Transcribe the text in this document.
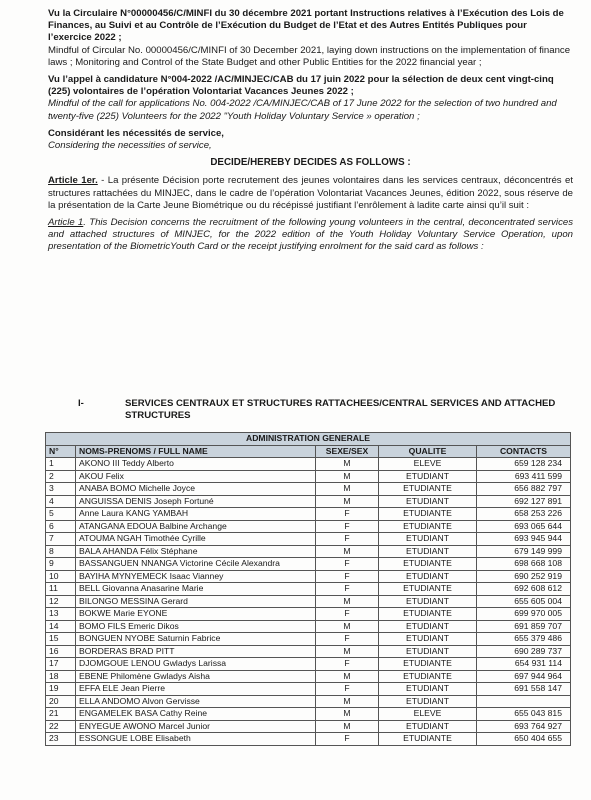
Vu la Circulaire N°00000456/C/MINFI du 30 décembre 2021 portant Instructions relatives à l’Exécution des Lois de Finances, au Suivi et au Contrôle de l’Exécution du Budget de l’Etat et des Autres Entités Publiques pour l’exercice 2022 ;
Mindful of Circular No. 00000456/C/MINFI of 30 December 2021, laying down instructions on the implementation of finance laws ; Monitoring and Control of the State Budget and other Public Entities for the 2022 financial year ;

Vu l’appel à candidature N°004-2022 /AC/MINJEC/CAB du 17 juin 2022 pour la sélection de deux cent vingt-cinq (225) volontaires de l’opération Volontariat Vacances Jeunes 2022 ;
Mindful of the call for applications No. 004-2022 /CA/MINJEC/CAB of 17 June 2022 for the selection of two hundred and twenty-five (225) Volunteers for the 2022 "Youth Holiday Voluntary Service » operation ;

Considérant les nécessités de service,
Considering the necessities of service,

DECIDE/HEREBY DECIDES AS FOLLOWS :

Article 1er. - La présente Décision porte recrutement des jeunes volontaires dans les services centraux, déconcentrés et structures rattachées du MINJEC, dans le cadre de l’opération Volontariat Vacances Jeunes, édition 2022, sous réserve de la présentation de la Carte Jeune Biométrique ou du récépissé justifiant l’enrôlement à ladite carte ainsi qu’il suit :

Article 1. This Decision concerns the recruitment of the following young volunteers in the central, deconcentrated services and attached structures of MINJEC, for the 2022 edition of the Youth Holiday Voluntary Service Operation, upon presentation of the BiometricYouth Card or the receipt justifying enrolment for the said card as follows :

I-	SERVICES CENTRAUX ET STRUCTURES RATTACHEES/CENTRAL SERVICES AND ATTACHED STRUCTURES
ADMINISTRATION GENERALE				
N°	NOMS-PRENOMS / FULL NAME	SEXE/SEX	QUALITE	CONTACTS
1	AKONO III Teddy Alberto	M	ELEVE	659 128 234
2	AKOU Felix	M	ETUDIANT	693 411 599
3	ANABA BOMO Michelle Joyce	M	ETUDIANTE	656 882 797
4	ANGUISSA DENIS Joseph Fortuné	M	ETUDIANT	692 127 891
5	Anne Laura KANG YAMBAH	F	ETUDIANTE	658 253 226
6	ATANGANA EDOUA Balbine Archange	F	ETUDIANTE	693 065 644
7	ATOUMA NGAH Timothée Cyrille	F	ETUDIANT	693 945 944
8	BALA AHANDA Félix Stéphane	M	ETUDIANT	679 149 999
9	BASSANGUEN NNANGA Victorine Cécile Alexandra	F	ETUDIANTE	698 668 108
10	BAYIHA MYNYEMECK Isaac Vianney	F	ETUDIANT	690 252 919
11	BELL Giovanna Anasarine Marie	F	ETUDIANTE	692 608 612
12	BILONGO MESSINA Gerard	M	ETUDIANT	655 605 004
13	BOKWE Marie EYONE	F	ETUDIANTE	699 970 005
14	BOMO FILS Emeric Dikos	M	ETUDIANT	691 859 707
15	BONGUEN NYOBE Saturnin Fabrice	F	ETUDIANT	655 379 486
16	BORDERAS BRAD PITT	M	ETUDIANT	690 289 737
17	DJOMGOUE LENOU Gwladys Larissa	F	ETUDIANTE	654 931 114
18	EBENE Philomène Gwladys Aisha	M	ETUDIANTE	697 944 964
19	EFFA ELE Jean Pierre	F	ETUDIANT	691 558 147
20	ELLA ANDOMO Alvon Gervisse	M	ETUDIANT	
21	ENGAMELEK BASA Cathy Reine	M	ELEVE	655 043 815
22	ENYEGUE AWONO Marcel Junior	M	ETUDIANT	693 764 927
23	ESSONGUE LOBE Elisabeth	F	ETUDIANTE	650 404 655
